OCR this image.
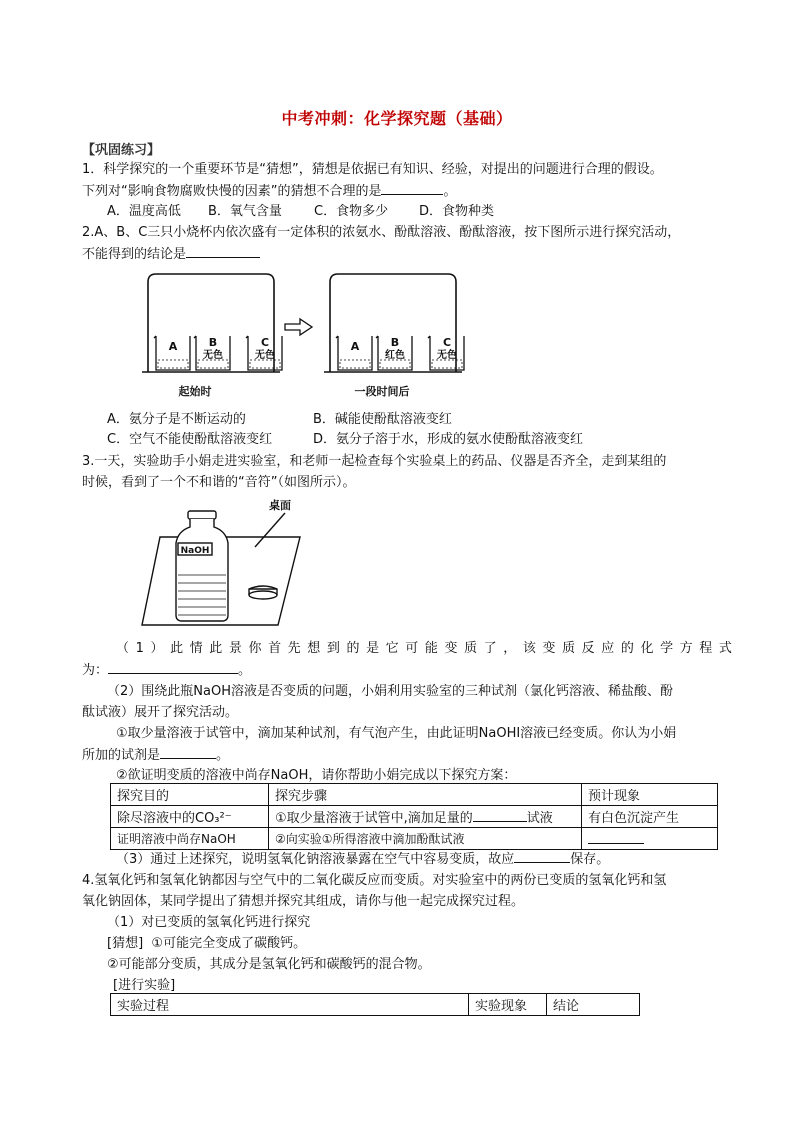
中考冲刺：化学探究题（基础）
【巩固练习】
1．科学探究的一个重要环节是“猜想”，猜想是依据已有知识、经验，对提出的问题进行合理的假设。
下列对“影响食物腐败快慢的因素”的猜想不合理的是	。
A．温度高低 B．氧气含量 C．食物多少 D．食物种类
2.A、B、C三只小烧杯内依次盛有一定体积的浓氨水、酚酞溶液、酚酞溶液，按下图所示进行探究活动，
不能得到的结论是
A	B
无色
C
无色
A	B
红色
C
无色
起始时	一段时间后
A．氨分子是不断运动的	B．碱能使酚酞溶液变红
C．空气不能使酚酞溶液变红	D．氨分子溶于水，形成的氨水使酚酞溶液变红
3.一天，实验助手小娟走进实验室，和老师一起检查每个实验桌上的药品、仪器是否齐全，走到某组的
时候，看到了一个不和谐的“音符”（如图所示）。
NaOH
桌面
（1）此情此景你首先想到的是它可能变质了，该变质反应的化学方程式
为：	。
（2）围绕此瓶NaOH溶液是否变质的问题，小娟利用实验室的三种试剂（氯化钙溶液、稀盐酸、酚
酞试液）展开了探究活动。
①取少量溶液于试管中，滴加某种试剂，有气泡产生，由此证明NaOHI溶液已经变质。你认为小娟
所加的试剂是	。
②欲证明变质的溶液中尚存NaOH，请你帮助小娟完成以下探究方案：
探究目的	探究步骤	预计现象
除尽溶液中的CO₃²⁻	①取少量溶液于试管中,滴加足量的 试液	有白色沉淀产生
证明溶液中尚存NaOH	②向实验①所得溶液中滴加酚酞试液	
（3）通过上述探究，说明氢氧化钠溶液暴露在空气中容易变质，故应	保存。
4.氢氧化钙和氢氧化钠都因与空气中的二氧化碳反应而变质。对实验室中的两份已变质的氢氧化钙和氢
氧化钠固体，某同学提出了猜想并探究其组成，请你与他一起完成探究过程。
（1）对已变质的氢氧化钙进行探究
[猜想] ①可能完全变成了碳酸钙。
②可能部分变质，其成分是氢氧化钙和碳酸钙的混合物。
[进行实验]
实验过程	实验现象	结论
